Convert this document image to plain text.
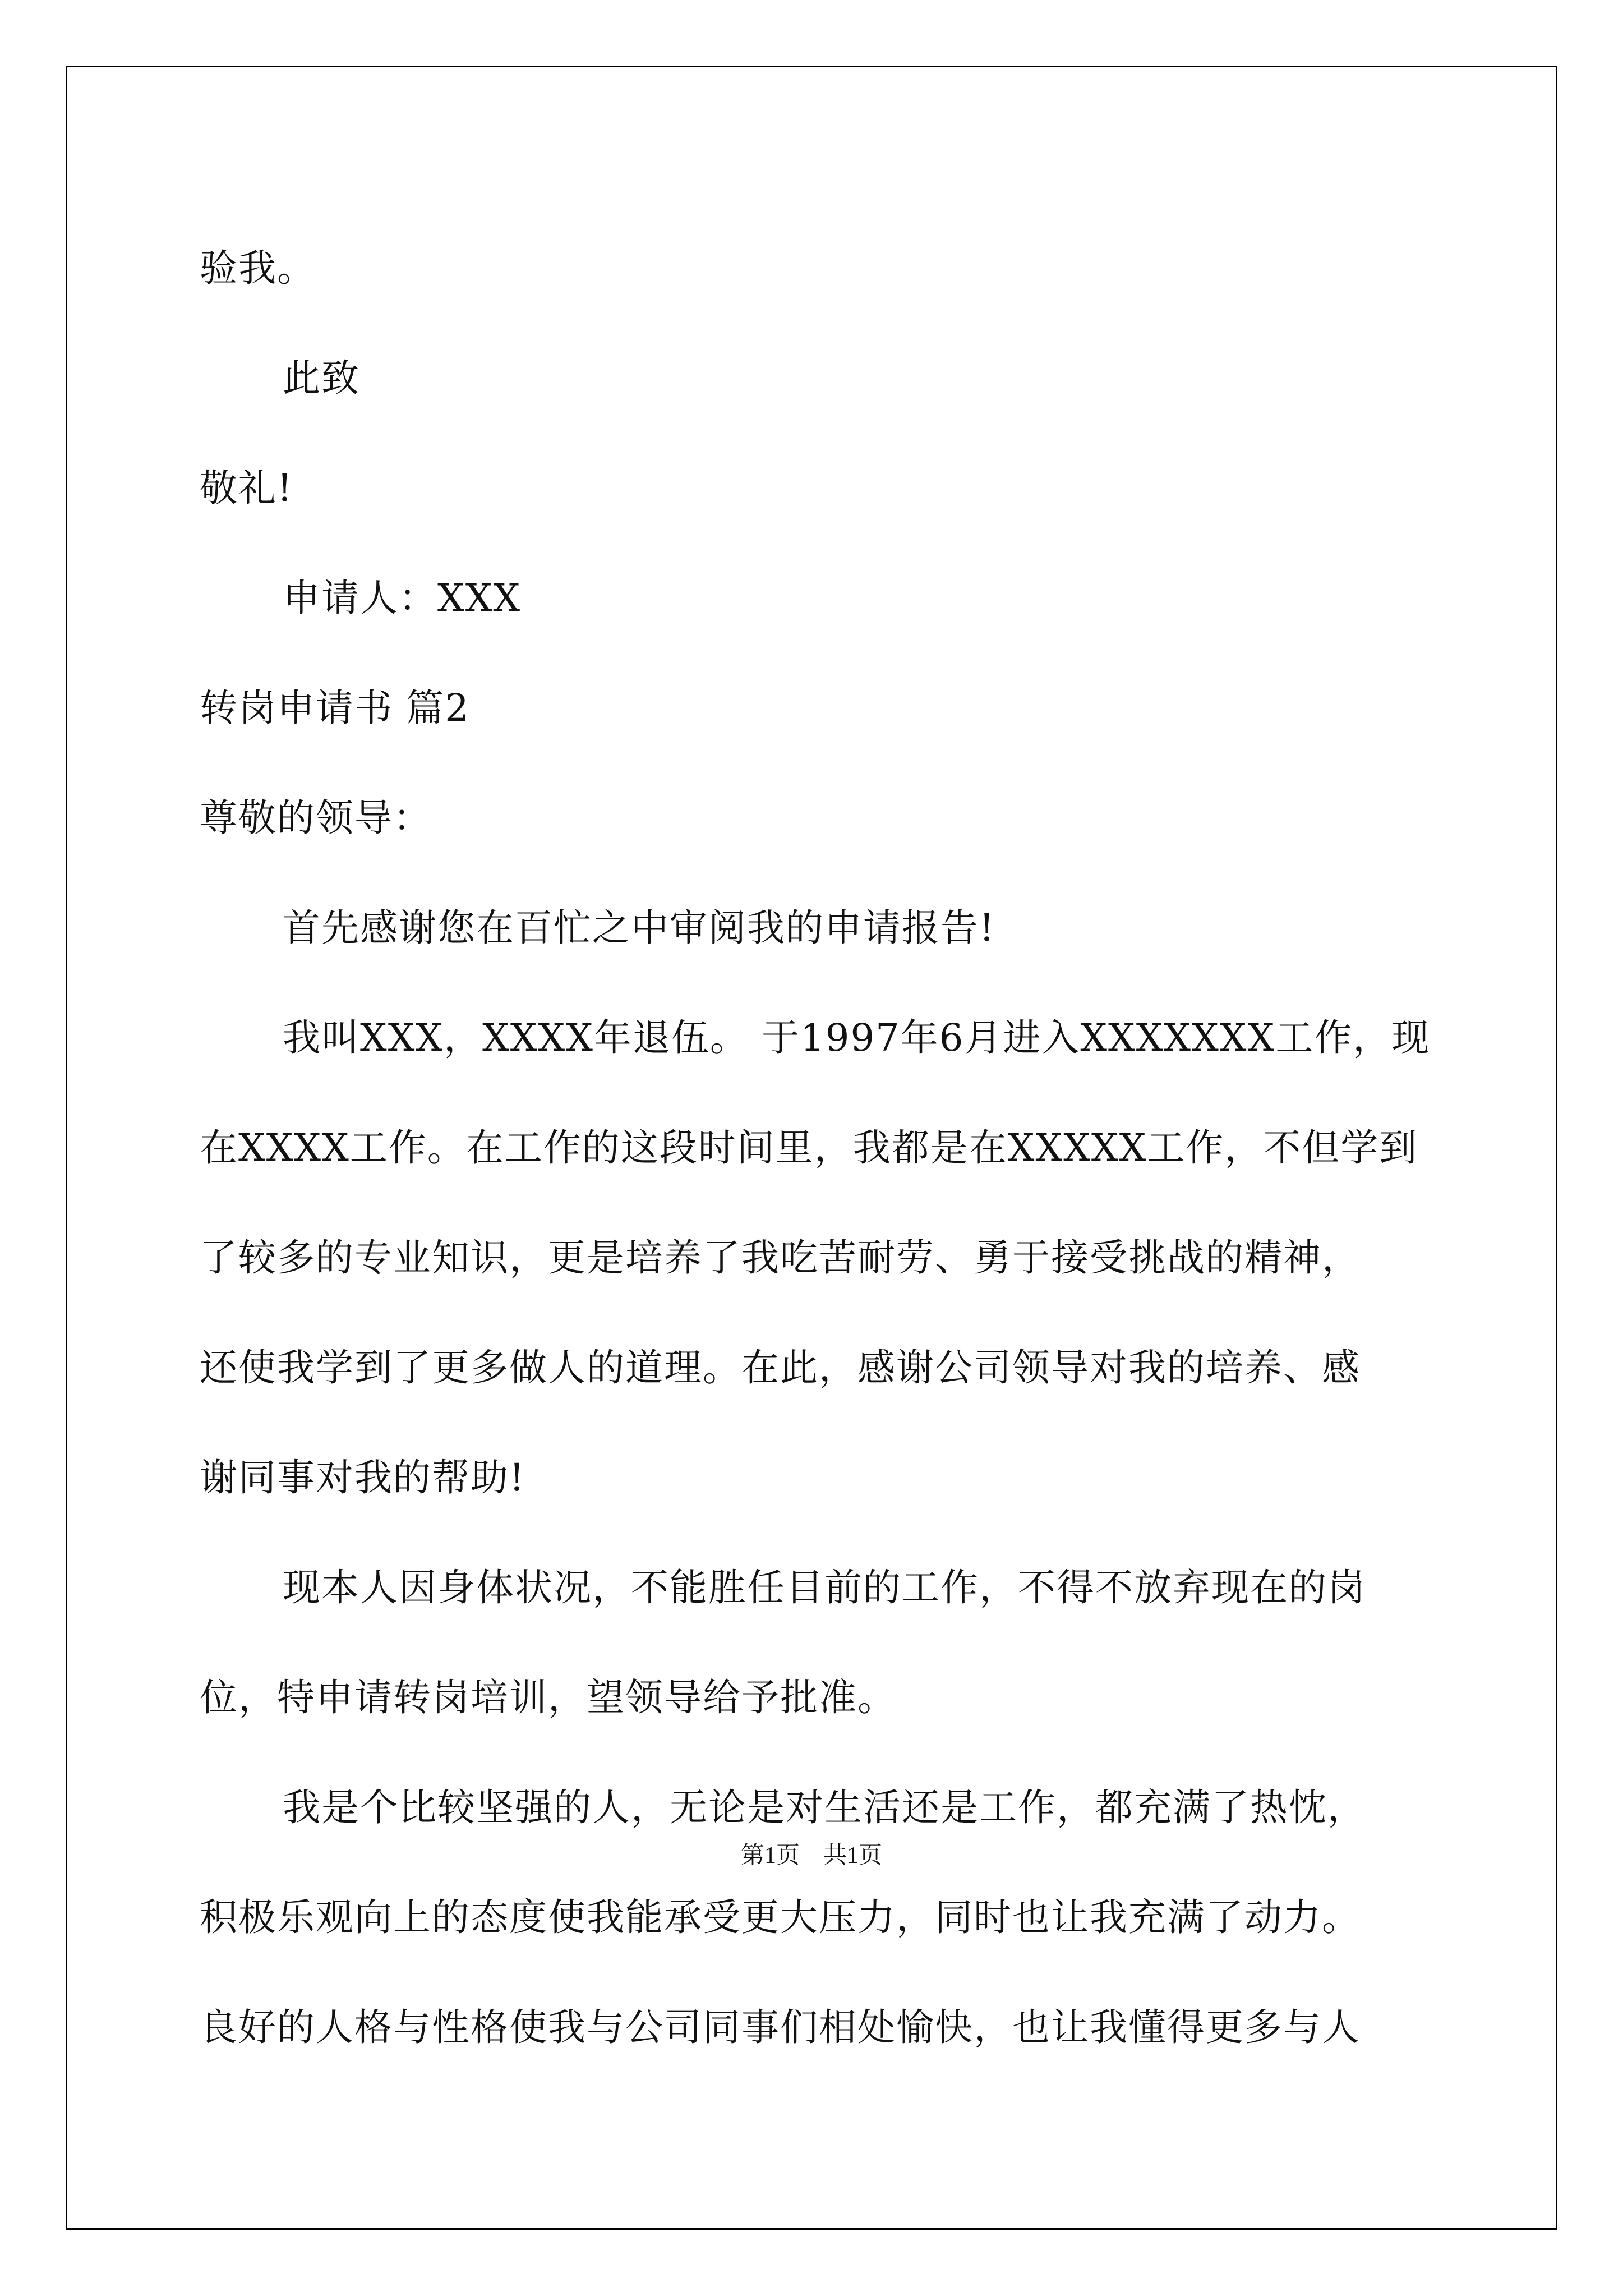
验我。
此致
敬礼!
申请人：XXX
转岗申请书 篇2
尊敬的领导：
首先感谢您在百忙之中审阅我的申请报告!
我叫XXX，XXXX年退伍。 于1997年6月进入XXXXXXX工作，现
在XXXX工作。在工作的这段时间里，我都是在XXXXX工作，不但学到
了较多的专业知识，更是培养了我吃苦耐劳、勇于接受挑战的精神，
还使我学到了更多做人的道理。在此，感谢公司领导对我的培养、感
谢同事对我的帮助!
现本人因身体状况，不能胜任目前的工作，不得不放弃现在的岗
位，特申请转岗培训，望领导给予批准。
我是个比较坚强的人，无论是对生活还是工作，都充满了热忱，
积极乐观向上的态度使我能承受更大压力，同时也让我充满了动力。
良好的人格与性格使我与公司同事们相处愉快，也让我懂得更多与人
第1页　共1页
